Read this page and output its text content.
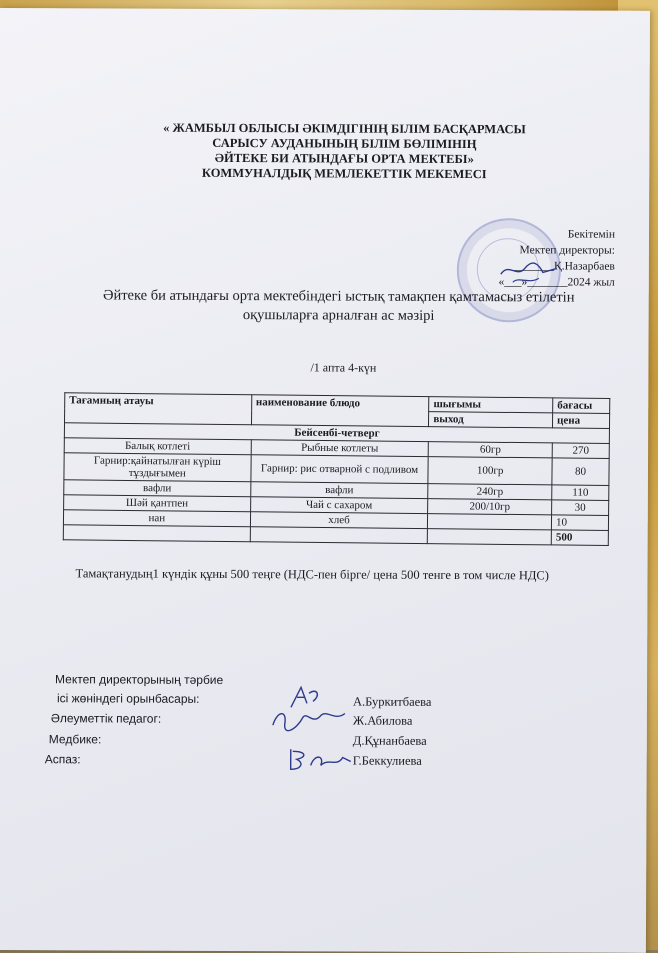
« ЖАМБЫЛ ОБЛЫСЫ ӘКІМДІГІНІҢ БІЛІМ БАСҚАРМАСЫ
САРЫСУ АУДАНЫНЫҢ БІЛІМ БӨЛІМІНІҢ
ӘЙТЕКЕ БИ АТЫНДАҒЫ ОРТА МЕКТЕБІ»
КОММУНАЛДЫҚ МЕМЛЕКЕТТІК МЕКЕМЕСІ
Бекітемін
Мектеп директоры:
_______Қ.Назарбаев
«___»_______2024 жыл
Әйтеке би атындағы орта мектебіндегі ыстық тамақпен қамтамасыз етілетін
оқушыларға арналған ас мәзірі
/1 апта 4-күн
Тағамның атауы	наименование блюдо	шығымы	бағасы
		выход	цена
Бейсенбі-четверг			
Балық котлеті	Рыбные котлеты	60гр	270
Гарнир:қайнатылған күріш тұздығымен	Гарнир: рис отварной с подливом	100гр	80
вафли	вафли	240гр	110
Шәй қантпен	Чай с сахаром	200/10гр	30
нан	хлеб		10
			500
Тамақтанудың1 күндік құны 500 теңге (НДС-пен бірге/ цена 500 тенге в том числе НДС)
Мектеп директорының тәрбие
ісі жөніндегі орынбасары:	А.Буркитбаева
Әлеуметтік педагог:	Ж.Абилова
Медбике:	Д.Құнанбаева
Аспаз:	Г.Беккулиева
